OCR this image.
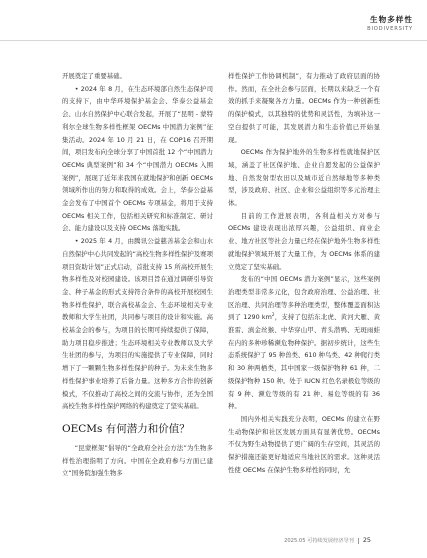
生物多样性
BIODIVERSITY

开展奠定了重要基础。

• 2024 年 8 月，在生态环境部自然生态保护司的支持下，由中华环境保护基金会、华泰公益基金会、山水自然保护中心联合发起，开展了“昆明 - 蒙特利尔全球生物多样性框架 OECMs 中国潜力案例”征集活动。2024 年 10 月 21 日，在 COP16 召开期间，项目发布向全球分享了中国首批 12 个“中国潜力 OECMs 典型案例”和 34 个“中国潜力 OECMs 入围案例”，展现了近年来我国在就地保护和创新 OECMs 领域所作出的努力和取得的成效。会上，华泰公益基金会发布了中国首个 OECMs 专项基金，将用于支持 OECMs 相关工作，包括相关研究和标准制定、研讨会、能力建设以及支持 OECMs 落地实践。

• 2025 年 4 月，由腾讯公益慈善基金会和山水自然保护中心共同发起的“高校生物多样性保护及赛项项目资助计划”正式启动，首批支持 15 所高校开展生物多样性及对校园建设。该项目旨在通过调研引导资金、种子基金的形式支持符合条件的高校开展校园生物多样性保护，联合高校基金会、生态环境相关专业教师和大学生社团，共同参与项目的设计和实施。高校基金会的参与，为项目的长期可持续提供了保障，助力项目稳步推进；生态环境相关专业教师以及大学生社团的参与，为项目的实施提供了专业保障，同时增下了一颗颗生物多样性保护的种子。为未来生物多样性保护事业培养了后备力量。这种多方合作的创新模式，不仅推动了高校之间的交流与协作，还为全国高校生物多样性保护网络的构建奠定了坚实基础。

OECMs 有何潜力和价值？

“昆蒙框架”倡导的“全政府全社会方法”为生物多样性治理指明了方向。中国在全政府参与方面已建立“国务院加强生物多

样性保护工作协调机制”，有力推动了政府层面的协作。然而，在全社会参与层面，长期以来缺乏一个有效的抓手来凝聚各方力量。OECMs 作为一种创新性的保护模式，以其独特的优势和灵活性，为填补这一空白提供了可能，其发展潜力和生态价值已开始显现。

OECMs 作为保护地外的生物多样性就地保护区域，涵盖了社区保护地、企业自愿发起的公益保护地、自然发射型农田以及城市近自然绿地等多种类型，涉及政府、社区、企业和公益组织等多元治理主体。

目前的工作进展表明，各利益相关方对参与 OECMs 建设表现出浓厚兴趣，公益组织、商业企业、地方社区等社会力量已经在保护地外生物多样性就地保护领域开展了大量工作，为 OECMs 体系的建立奠定了坚实基础。

发布的“中国 OECMs 潜力案例”显示，这些案例治理类型非常多元化，包含政府治理、公益治理、社区治理、共同治理等多种治理类型，整体覆盖面积达到了 1290 $km^2$，支持了包括东北虎、黄河大雁、黄淮雷、滇金丝猴、中华穿山甲、青头潜鸭、无斑雨蛙在内的多种珍稀濒危物种保护。据初步统计，这些生态系统保护了 95 种兽类、610 种鸟类、42 种爬行类和 30 种两栖类，其中国家一级保护物种 61 种，二级保护物种 150 种。处于 IUCN 红色名录极危等级的有 9 种、濒危等级的有 21 种、易危等级的有 36 种。

国内外相关实践充分表明，OECMs 的建立在野生动物保护和社区发展方面具有显著优势。OECMs 不仅为野生动物提供了更广阔的生存空间，其灵活的保护措施还能更好地适应当地社区的需求。这种灵活性使 OECMs 在保护生物多样性的同时，允

2025.05 可持续发展经济导刊 25
